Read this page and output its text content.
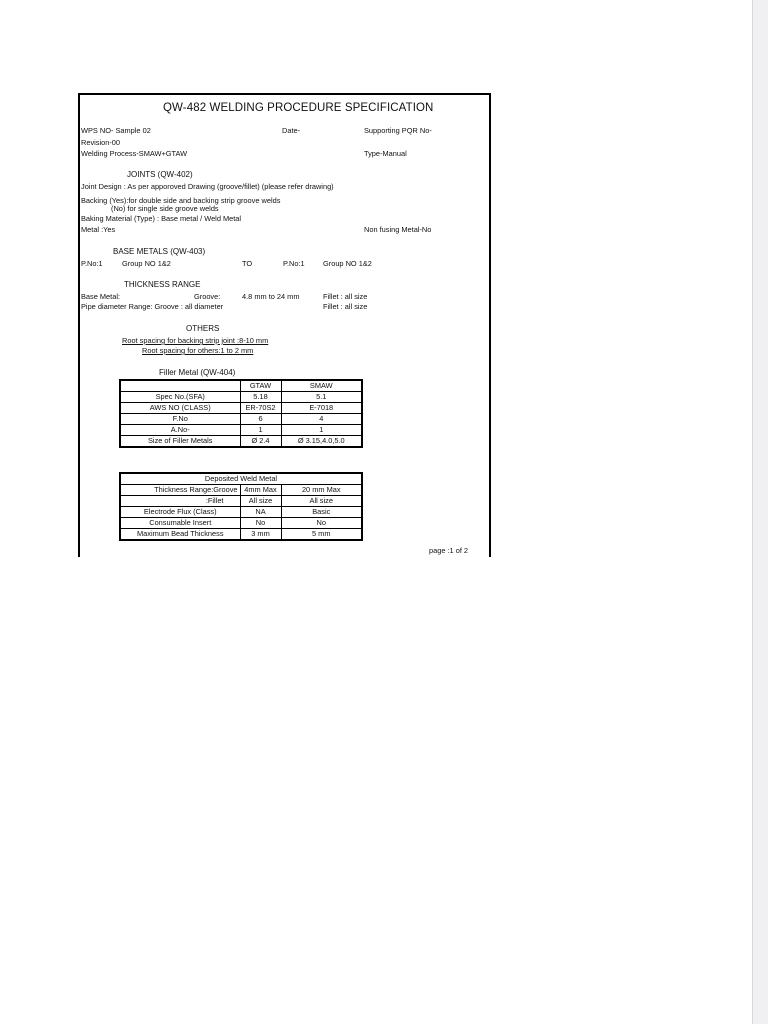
QW-482 WELDING PROCEDURE SPECIFICATION
WPS NO- Sample 02	Date-	Supporting PQR No-
Revision-00
Welding Process-SMAW+GTAW	Type-Manual
JOINTS (QW-402)
Joint Design : As per apporoved Drawing (groove/fillet) (please refer drawing)
Backing (Yes):for double side and backing strip groove welds
(No) for single side groove welds
Baking Material (Type) : Base metal / Weld Metal
Metal :Yes	Non fusing Metal-No
BASE METALS (QW-403)
P.No:1	Group NO 1&2	TO	P.No:1 Group NO 1&2
THICKNESS RANGE
Base Metal:	Groove:	4.8 mm to 24 mm	Fillet : all size
Pipe diameter Range: Groove : all diameter	Fillet : all size
OTHERS
Root spacing for backing strip joint :8-10 mm
Root spacing for others:1 to 2 mm
Filler Metal (QW-404)
	GTAW	SMAW
Spec No.(SFA)	5.18	5.1
AWS NO (CLASS)	ER-70S2	E-7018
F.No	6	4
A.No-	1	1
Size of Filler Metals	Ø 2.4	Ø 3.15,4.0,5.0
Deposited Weld Metal		
Thickness Range:Groove	4mm Max	20 mm Max
:Fillet	All size	All size
Electrode Flux (Class)	NA	Basic
Consumable Insert	No	No
Maximum Bead Thickness	3 mm	5 mm
page :1 of 2
